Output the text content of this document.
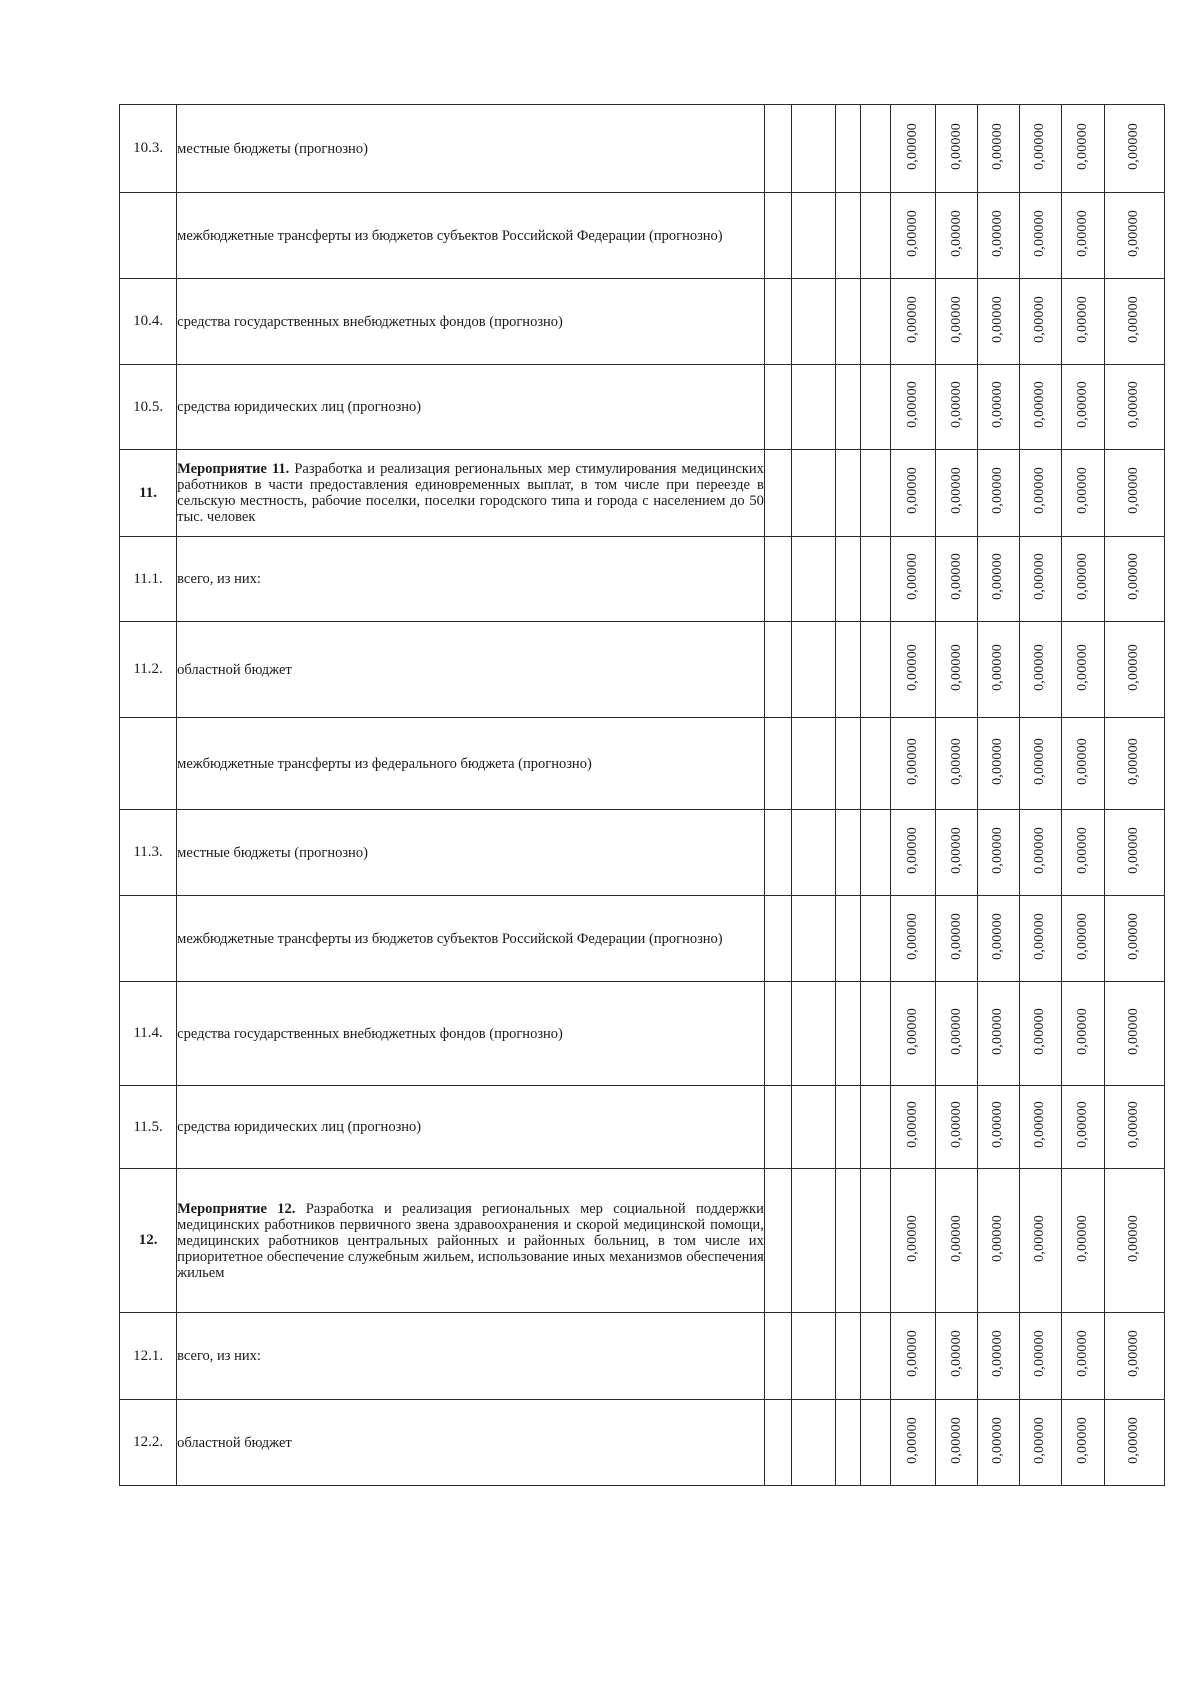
10.3.	местные бюджеты (прогнозно)					0,00000	0,00000	0,00000	0,00000	0,00000	0,00000
	межбюджетные трансферты из бюджетов субъектов Российской Федерации (прогнозно)					0,00000	0,00000	0,00000	0,00000	0,00000	0,00000
10.4.	средства государственных внебюджетных фондов (прогнозно)					0,00000	0,00000	0,00000	0,00000	0,00000	0,00000
10.5.	средства юридических лиц (прогнозно)					0,00000	0,00000	0,00000	0,00000	0,00000	0,00000
11.	Мероприятие 11. Разработка и реализация региональных мер стимулирования медицинских работников в части предоставления единовременных выплат, в том числе при переезде в сельскую местность, рабочие поселки, поселки городского типа и города с населением до 50 тыс. человек					0,00000	0,00000	0,00000	0,00000	0,00000	0,00000
11.1.	всего, из них:					0,00000	0,00000	0,00000	0,00000	0,00000	0,00000
11.2.	областной бюджет					0,00000	0,00000	0,00000	0,00000	0,00000	0,00000
	межбюджетные трансферты из федерального бюджета (прогнозно)					0,00000	0,00000	0,00000	0,00000	0,00000	0,00000
11.3.	местные бюджеты (прогнозно)					0,00000	0,00000	0,00000	0,00000	0,00000	0,00000
	межбюджетные трансферты из бюджетов субъектов Российской Федерации (прогнозно)					0,00000	0,00000	0,00000	0,00000	0,00000	0,00000
11.4.	средства государственных внебюджетных фондов (прогнозно)					0,00000	0,00000	0,00000	0,00000	0,00000	0,00000
11.5.	средства юридических лиц (прогнозно)					0,00000	0,00000	0,00000	0,00000	0,00000	0,00000
12.	Мероприятие 12. Разработка и реализация региональных мер социальной поддержки медицинских работников первичного звена здравоохранения и скорой медицинской помощи, медицинских работников центральных районных и районных больниц, в том числе их приоритетное обеспечение служебным жильем, использование иных механизмов обеспечения жильем					0,00000	0,00000	0,00000	0,00000	0,00000	0,00000
12.1.	всего, из них:					0,00000	0,00000	0,00000	0,00000	0,00000	0,00000
12.2.	областной бюджет					0,00000	0,00000	0,00000	0,00000	0,00000	0,00000
